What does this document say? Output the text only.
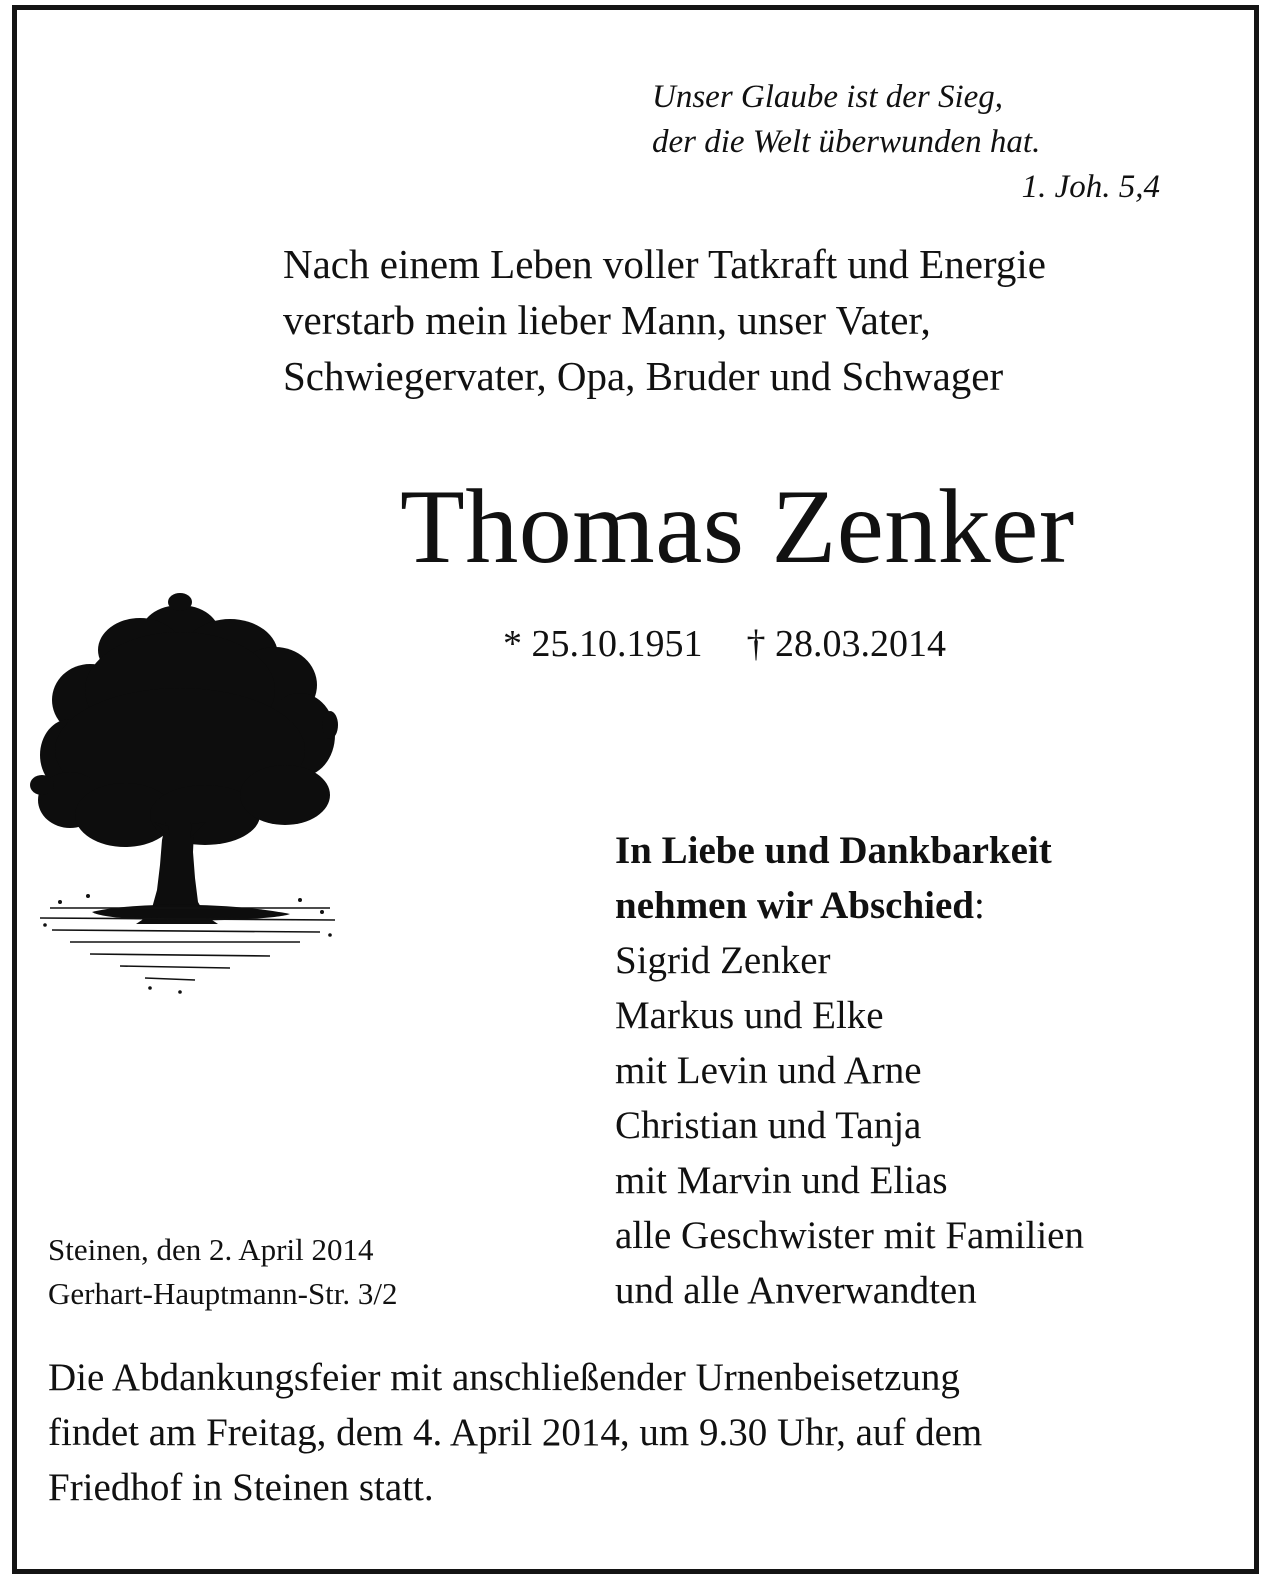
Unser Glaube ist der Sieg,
der die Welt überwunden hat.
1. Joh. 5,4
Nach einem Leben voller Tatkraft und Energie
verstarb mein lieber Mann, unser Vater,
Schwiegervater, Opa, Bruder und Schwager
Thomas Zenker
* 25.10.1951 † 28.03.2014
In Liebe und Dankbarkeit
nehmen wir Abschied:
Sigrid Zenker
Markus und Elke
mit Levin und Arne
Christian und Tanja
mit Marvin und Elias
alle Geschwister mit Familien
und alle Anverwandten
Steinen, den 2. April 2014
Gerhart-Hauptmann-Str. 3/2
Die Abdankungsfeier mit anschließender Urnenbeisetzung
findet am Freitag, dem 4. April 2014, um 9.30 Uhr, auf dem
Friedhof in Steinen statt.
